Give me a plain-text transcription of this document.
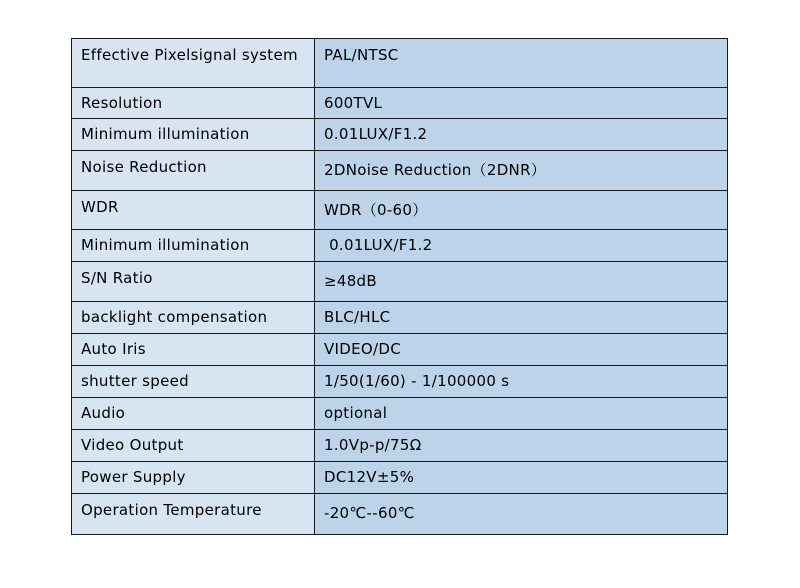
Effective Pixelsignal system	PAL/NTSC
Resolution	600TVL
Minimum illumination	0.01LUX/F1.2
Noise Reduction	2DNoise Reduction（2DNR）
WDR	WDR（0-60）
Minimum illumination	0.01LUX/F1.2
S/N Ratio	≥48dB
backlight compensation	BLC/HLC
Auto Iris	VIDEO/DC
shutter speed	1/50(1/60) - 1/100000 s
Audio	optional
Video Output	1.0Vp-p/75Ω
Power Supply	DC12V±5%
Operation Temperature	-20℃--60℃
